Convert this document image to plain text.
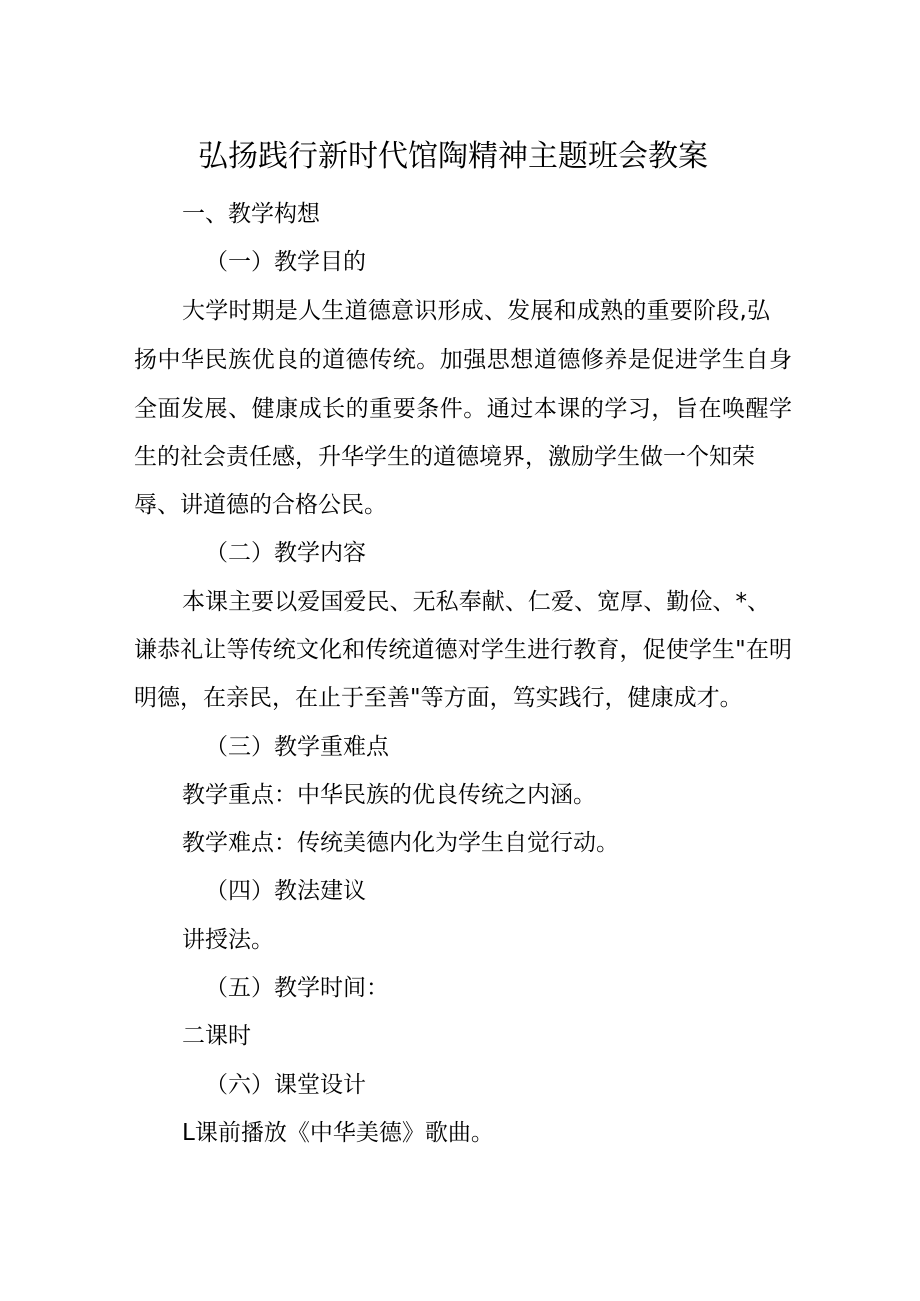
弘扬践行新时代馆陶精神主题班会教案

一、教学构想

（一）教学目的

大学时期是人生道德意识形成、发展和成熟的重要阶段,弘

扬中华民族优良的道德传统。加强思想道德修养是促进学生自身

全面发展、健康成长的重要条件。通过本课的学习，旨在唤醒学

生的社会责任感，升华学生的道德境界，激励学生做一个知荣

辱、讲道德的合格公民。

（二）教学内容

本课主要以爱国爱民、无私奉献、仁爱、宽厚、勤俭、*、

谦恭礼让等传统文化和传统道德对学生进行教育，促使学生"在明

明德，在亲民，在止于至善"等方面，笃实践行，健康成才。

（三）教学重难点

教学重点：中华民族的优良传统之内涵。

教学难点：传统美德内化为学生自觉行动。

（四）教法建议

讲授法。

（五）教学时间：

二课时

（六）课堂设计

L课前播放《中华美德》歌曲。
